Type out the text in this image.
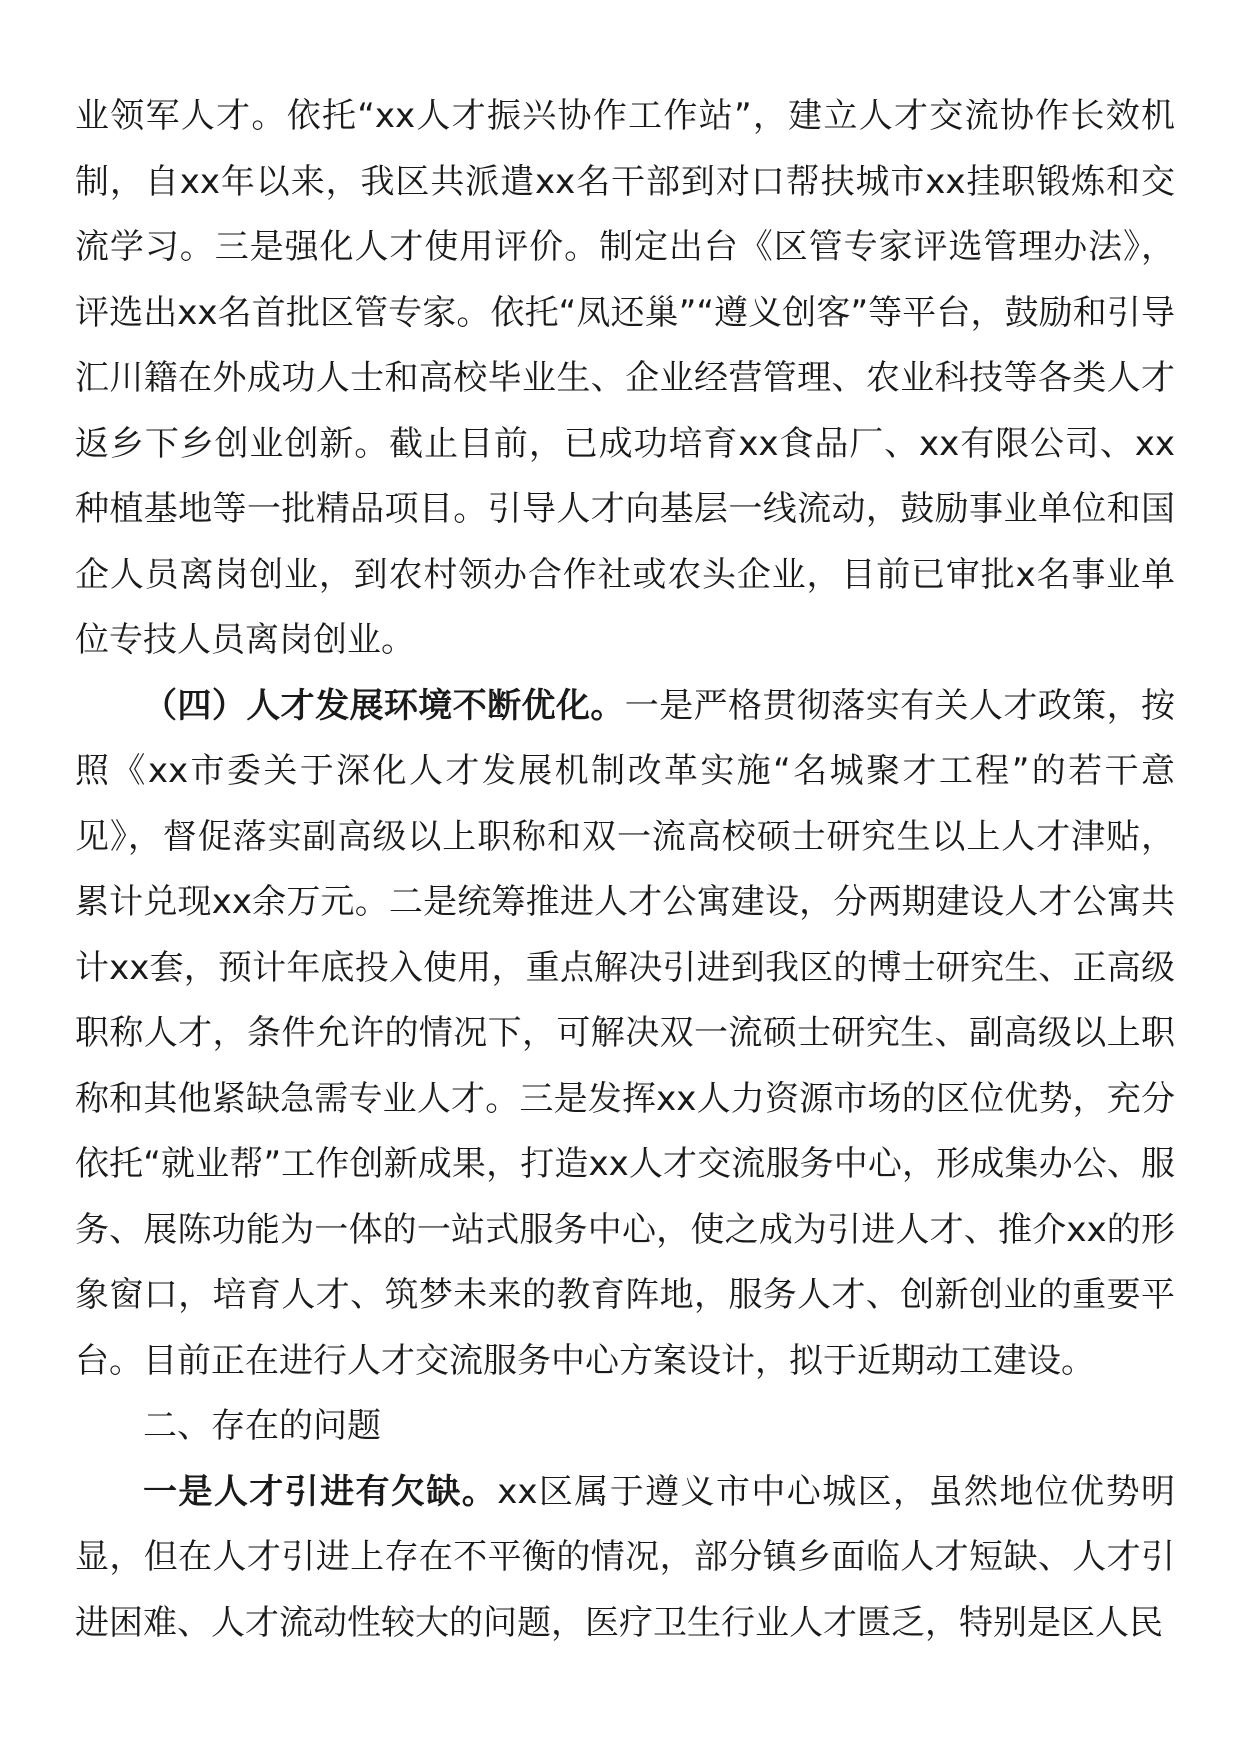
业领军人才。依托“xx人才振兴协作工作站”，建立人才交流协作长效机制，自xx年以来，我区共派遣xx名干部到对口帮扶城市xx挂职锻炼和交流学习。三是强化人才使用评价。制定出台《区管专家评选管理办法》，评选出xx名首批区管专家。依托“凤还巢”“遵义创客”等平台，鼓励和引导汇川籍在外成功人士和高校毕业生、企业经营管理、农业科技等各类人才返乡下乡创业创新。截止目前，已成功培育xx食品厂、xx有限公司、xx种植基地等一批精品项目。引导人才向基层一线流动，鼓励事业单位和国企人员离岗创业，到农村领办合作社或农头企业，目前已审批x名事业单位专技人员离岗创业。

（四）人才发展环境不断优化。一是严格贯彻落实有关人才政策，按照《xx市委关于深化人才发展机制改革实施“名城聚才工程”的若干意见》，督促落实副高级以上职称和双一流高校硕士研究生以上人才津贴，累计兑现xx余万元。二是统筹推进人才公寓建设，分两期建设人才公寓共计xx套，预计年底投入使用，重点解决引进到我区的博士研究生、正高级职称人才，条件允许的情况下，可解决双一流硕士研究生、副高级以上职称和其他紧缺急需专业人才。三是发挥xx人力资源市场的区位优势，充分依托“就业帮”工作创新成果，打造xx人才交流服务中心，形成集办公、服务、展陈功能为一体的一站式服务中心，使之成为引进人才、推介xx的形象窗口，培育人才、筑梦未来的教育阵地，服务人才、创新创业的重要平台。目前正在进行人才交流服务中心方案设计，拟于近期动工建设。

二、存在的问题

一是人才引进有欠缺。xx区属于遵义市中心城区，虽然地位优势明显，但在人才引进上存在不平衡的情况，部分镇乡面临人才短缺、人才引进困难、人才流动性较大的问题，医疗卫生行业人才匮乏，特别是区人民
